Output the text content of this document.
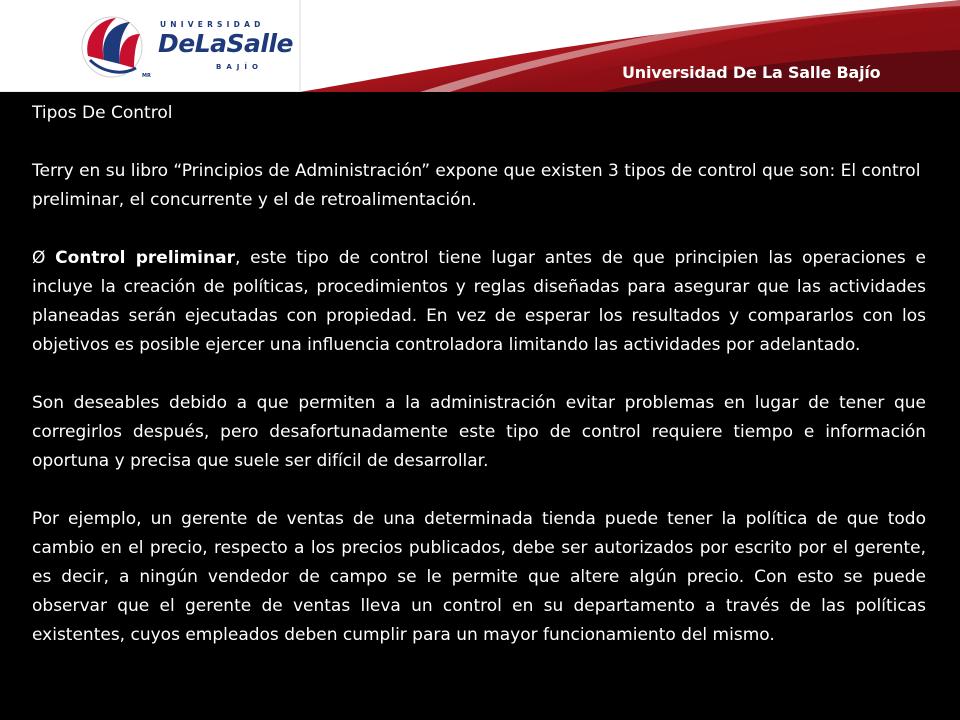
UNIVERSIDAD
DeLaSalle
BAJÍO
MR	Universidad De La Salle Bajío

Tipos De Control

Terry en su libro “Principios de Administración” expone que existen 3 tipos de control que son: El control preliminar, el concurrente y el de retroalimentación.

Ø Control preliminar, este tipo de control tiene lugar antes de que principien las operaciones e incluye la creación de políticas, procedimientos y reglas diseñadas para asegurar que las actividades planeadas serán ejecutadas con propiedad. En vez de esperar los resultados y compararlos con los objetivos es posible ejercer una influencia controladora limitando las actividades por adelantado.

Son deseables debido a que permiten a la administración evitar problemas en lugar de tener que corregirlos después, pero desafortunadamente este tipo de control requiere tiempo e información oportuna y precisa que suele ser difícil de desarrollar.

Por ejemplo, un gerente de ventas de una determinada tienda puede tener la política de que todo cambio en el precio, respecto a los precios publicados, debe ser autorizados por escrito por el gerente, es decir, a ningún vendedor de campo se le permite que altere algún precio. Con esto se puede observar que el gerente de ventas lleva un control en su departamento a través de las políticas existentes, cuyos empleados deben cumplir para un mayor funcionamiento del mismo.
